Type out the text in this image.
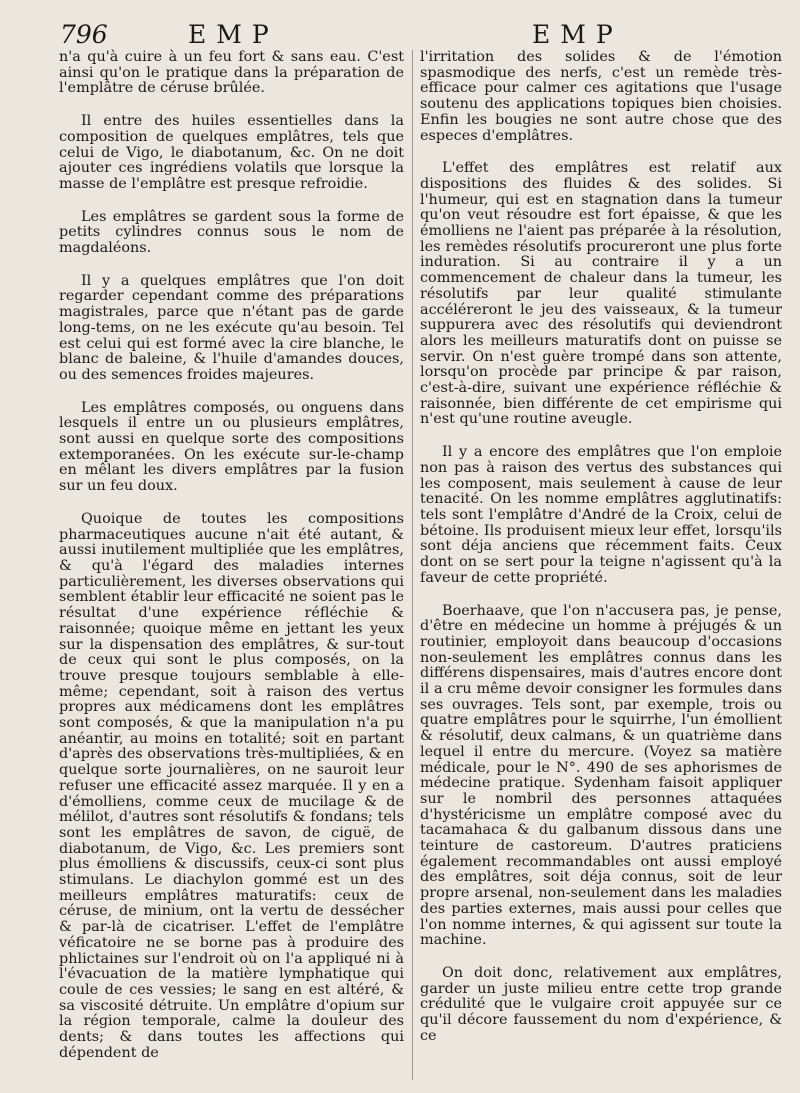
796	EMP	EMP

n'a qu'à cuire à un feu fort & sans eau. C'est ainsi qu'on le pratique dans la préparation de l'emplâtre de céruse brûlée.

Il entre des huiles essentielles dans la composition de quelques emplâtres, tels que celui de Vigo, le diabotanum, &c. On ne doit ajouter ces ingrédiens volatils que lorsque la masse de l'emplâtre est presque refroidie.

Les emplâtres se gardent sous la forme de petits cylindres connus sous le nom de magdaléons.

Il y a quelques emplâtres que l'on doit regarder cependant comme des préparations magistrales, parce que n'étant pas de garde long-tems, on ne les exécute qu'au besoin. Tel est celui qui est formé avec la cire blanche, le blanc de baleine, & l'huile d'amandes douces, ou des semences froides majeures.

Les emplâtres composés, ou onguens dans lesquels il entre un ou plusieurs emplâtres, sont aussi en quelque sorte des compositions extemporanées. On les exécute sur-le-champ en mêlant les divers emplâtres par la fusion sur un feu doux.

Quoique de toutes les compositions pharmaceutiques aucune n'ait été autant, & aussi inutilement multipliée que les emplâtres, & qu'à l'égard des maladies internes particulièrement, les diverses observations qui semblent établir leur efficacité ne soient pas le résultat d'une expérience réfléchie & raisonnée; quoique même en jettant les yeux sur la dispensation des emplâtres, & sur-tout de ceux qui sont le plus composés, on la trouve presque toujours semblable à elle-même; cependant, soit à raison des vertus propres aux médicamens dont les emplâtres sont composés, & que la manipulation n'a pu anéantir, au moins en totalité; soit en partant d'après des observations très-multipliées, & en quelque sorte journalières, on ne sauroit leur refuser une efficacité assez marquée. Il y en a d'émolliens, comme ceux de mucilage & de mélilot, d'autres sont résolutifs & fondans; tels sont les emplâtres de savon, de ciguë, de diabotanum, de Vigo, &c. Les premiers sont plus émolliens & discussifs, ceux-ci sont plus stimulans. Le diachylon gommé est un des meilleurs emplâtres maturatifs: ceux de céruse, de minium, ont la vertu de dessécher & par-là de cicatriser. L'effet de l'emplâtre véficatoire ne se borne pas à produire des phlictaines sur l'endroit où on l'a appliqué ni à l'évacuation de la matière lymphatique qui coule de ces vessies; le sang en est altéré, & sa viscosité détruite. Un emplâtre d'opium sur la région temporale, calme la douleur des dents; & dans toutes les affections qui dépendent de

l'irritation des solides & de l'émotion spasmodique des nerfs, c'est un remède très-efficace pour calmer ces agitations que l'usage soutenu des applications topiques bien choisies. Enfin les bougies ne sont autre chose que des especes d'emplâtres.

L'effet des emplâtres est relatif aux dispositions des fluides & des solides. Si l'humeur, qui est en stagnation dans la tumeur qu'on veut résoudre est fort épaisse, & que les émolliens ne l'aient pas préparée à la résolution, les remèdes résolutifs procureront une plus forte induration. Si au contraire il y a un commencement de chaleur dans la tumeur, les résolutifs par leur qualité stimulante accéléreront le jeu des vaisseaux, & la tumeur suppurera avec des résolutifs qui deviendront alors les meilleurs maturatifs dont on puisse se servir. On n'est guère trompé dans son attente, lorsqu'on procède par principe & par raison, c'est-à-dire, suivant une expérience réfléchie & raisonnée, bien différente de cet empirisme qui n'est qu'une routine aveugle.

Il y a encore des emplâtres que l'on emploie non pas à raison des vertus des substances qui les composent, mais seulement à cause de leur tenacité. On les nomme emplâtres agglutinatifs: tels sont l'emplâtre d'André de la Croix, celui de bétoine. Ils produisent mieux leur effet, lorsqu'ils sont déja anciens que récemment faits. Ceux dont on se sert pour la teigne n'agissent qu'à la faveur de cette propriété.

Boerhaave, que l'on n'accusera pas, je pense, d'être en médecine un homme à préjugés & un routinier, employoit dans beaucoup d'occasions non-seulement les emplâtres connus dans les différens dispensaires, mais d'autres encore dont il a cru même devoir consigner les formules dans ses ouvrages. Tels sont, par exemple, trois ou quatre emplâtres pour le squirrhe, l'un émollient & résolutif, deux calmans, & un quatrième dans lequel il entre du mercure. (Voyez sa matière médicale, pour le N°. 490 de ses aphorismes de médecine pratique. Sydenham faisoit appliquer sur le nombril des personnes attaquées d'hystéricisme un emplâtre composé avec du tacamahaca & du galbanum dissous dans une teinture de castoreum. D'autres praticiens également recommandables ont aussi employé des emplâtres, soit déja connus, soit de leur propre arsenal, non-seulement dans les maladies des parties externes, mais aussi pour celles que l'on nomme internes, & qui agissent sur toute la machine.

On doit donc, relativement aux emplâtres, garder un juste milieu entre cette trop grande crédulité que le vulgaire croit appuyée sur ce qu'il décore faussement du nom d'expérience, & ce
